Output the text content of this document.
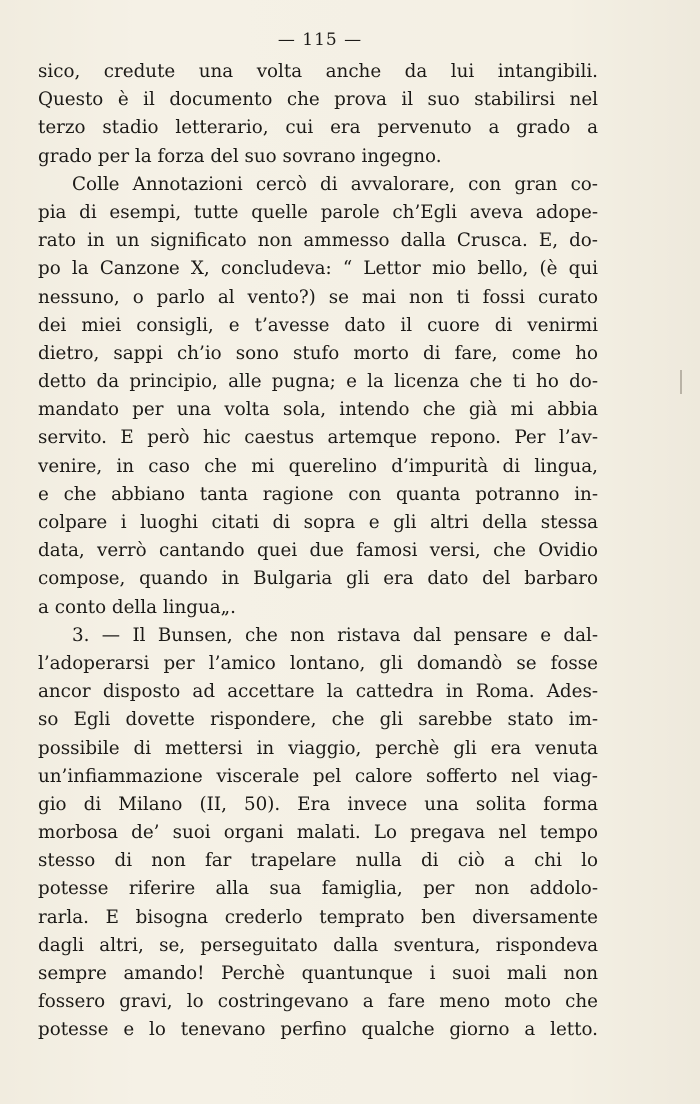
— 115 —
sico, credute una volta anche da lui intangibili.
Questo è il documento che prova il suo stabilirsi nel
terzo stadio letterario, cui era pervenuto a grado a
grado per la forza del suo sovrano ingegno.
Colle Annotazioni cercò di avvalorare, con gran co-
pia di esempi, tutte quelle parole ch’Egli aveva adope-
rato in un significato non ammesso dalla Crusca. E, do-
po la Canzone X, concludeva: “ Lettor mio bello, (è qui
nessuno, o parlo al vento?) se mai non ti fossi curato
dei miei consigli, e t’avesse dato il cuore di venirmi
dietro, sappi ch’io sono stufo morto di fare, come ho
detto da principio, alle pugna; e la licenza che ti ho do-
mandato per una volta sola, intendo che già mi abbia
servito. E però hic caestus artemque repono. Per l’av-
venire, in caso che mi querelino d’impurità di lingua,
e che abbiano tanta ragione con quanta potranno in-
colpare i luoghi citati di sopra e gli altri della stessa
data, verrò cantando quei due famosi versi, che Ovidio
compose, quando in Bulgaria gli era dato del barbaro
a conto della lingua„.
3. — Il Bunsen, che non ristava dal pensare e dal-
l’adoperarsi per l’amico lontano, gli domandò se fosse
ancor disposto ad accettare la cattedra in Roma. Ades-
so Egli dovette rispondere, che gli sarebbe stato im-
possibile di mettersi in viaggio, perchè gli era venuta
un’infiammazione viscerale pel calore sofferto nel viag-
gio di Milano (II, 50). Era invece una solita forma
morbosa de’ suoi organi malati. Lo pregava nel tempo
stesso di non far trapelare nulla di ciò a chi lo
potesse riferire alla sua famiglia, per non addolo-
rarla. E bisogna crederlo temprato ben diversamente
dagli altri, se, perseguitato dalla sventura, rispondeva
sempre amando! Perchè quantunque i suoi mali non
fossero gravi, lo costringevano a fare meno moto che
potesse e lo tenevano perfino qualche giorno a letto.
